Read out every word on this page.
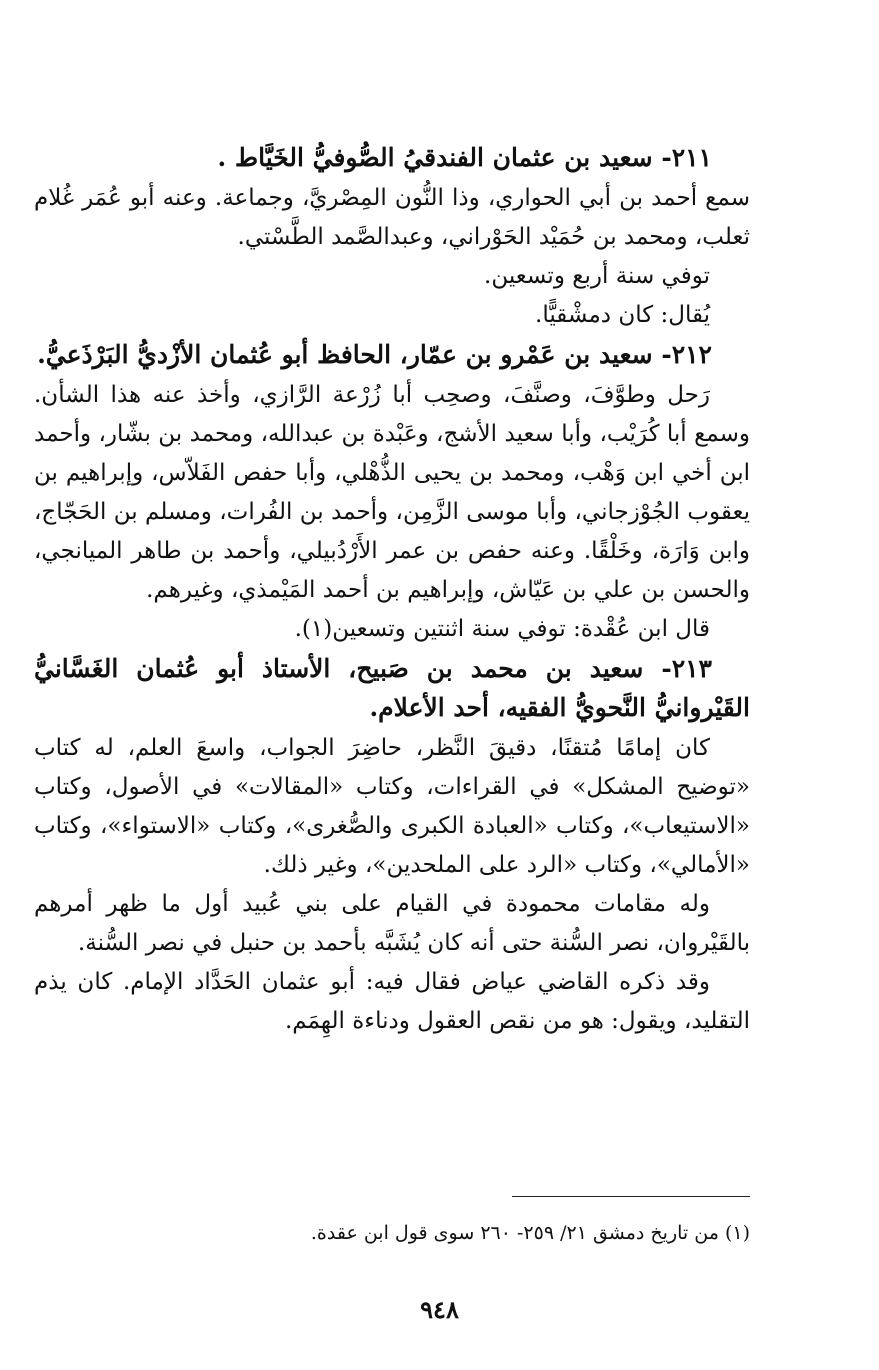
٢١١- سعيد بن عثمان الفندقيُ الصُّوفيُّ الخَيَّاط .

سمع أحمد بن أبي الحواري، وذا النُّون المِصْريَّ، وجماعة. وعنه أبو عُمَر غُلام ثعلب، ومحمد بن حُمَيْد الحَوْراني، وعبدالصَّمد الطَّسْتي.

توفي سنة أربع وتسعين.

يُقال: كان دمشْقيًّا.

٢١٢- سعيد بن عَمْرو بن عمّار، الحافظ أبو عُثمان الأزْديُّ البَرْذَعيُّ.

رَحل وطوَّفَ، وصنَّفَ، وصحِب أبا زُرْعة الرَّازي، وأخذ عنه هذا الشأن. وسمع أبا كُرَيْب، وأبا سعيد الأشج، وعَبْدة بن عبدالله، ومحمد بن بشّار، وأحمد ابن أخي ابن وَهْب، ومحمد بن يحيى الذُّهْلي، وأبا حفص الفَلاّس، وإبراهيم بن يعقوب الجُوْزجاني، وأبا موسى الزَّمِن، وأحمد بن الفُرات، ومسلم بن الحَجّاج، وابن وَارَة، وخَلْقًا. وعنه حفص بن عمر الأَرْدُبيلي، وأحمد بن طاهر الميانجي، والحسن بن علي بن عَيّاش، وإبراهيم بن أحمد المَيْمذي، وغيرهم.

قال ابن عُقْدة: توفي سنة اثنتين وتسعين(١).

٢١٣- سعيد بن محمد بن صَبيح، الأستاذ أبو عُثمان الغَسَّانيُّ القَيْروانيُّ النَّحويُّ الفقيه، أحد الأعلام.

كان إمامًا مُتقنًا، دقيقَ النَّظر، حاضِرَ الجواب، واسعَ العلم، له كتاب «توضيح المشكل» في القراءات، وكتاب «المقالات» في الأصول، وكتاب «الاستيعاب»، وكتاب «العبادة الكبرى والصُّغرى»، وكتاب «الاستواء»، وكتاب «الأمالي»، وكتاب «الرد على الملحدين»، وغير ذلك.

وله مقامات محمودة في القيام على بني عُبيد أول ما ظهر أمرهم بالقَيْروان، نصر السُّنة حتى أنه كان يُشَبَّه بأحمد بن حنبل في نصر السُّنة.

وقد ذكره القاضي عياض فقال فيه: أبو عثمان الحَدَّاد الإمام. كان يذم التقليد، ويقول: هو من نقص العقول ودناءة الهِمَم.

(١) من تاريخ دمشق ٢١/ ٢٥٩- ٢٦٠ سوى قول ابن عقدة.
٩٤٨
